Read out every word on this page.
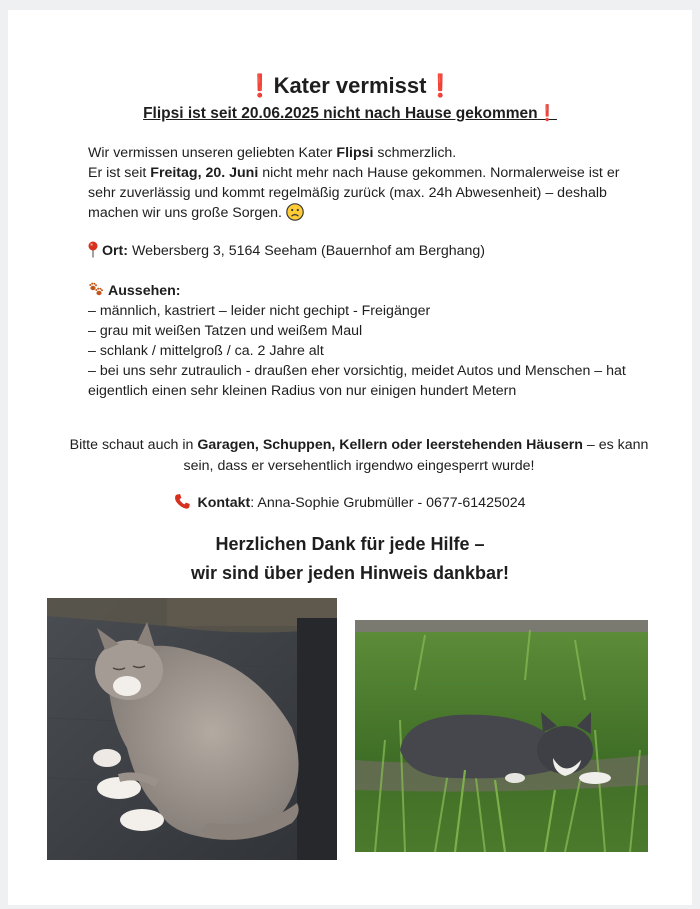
❗Kater vermisst❗
Flipsi ist seit 20.06.2025 nicht nach Hause gekommen❗
Wir vermissen unseren geliebten Kater Flipsi schmerzlich.
Er ist seit Freitag, 20. Juni nicht mehr nach Hause gekommen. Normalerweise ist er sehr zuverlässig und kommt regelmäßig zurück (max. 24h Abwesenheit) – deshalb machen wir uns große Sorgen.
Ort: Webersberg 3, 5164 Seeham (Bauernhof am Berghang)
Aussehen:
– männlich, kastriert – leider nicht gechipt - Freigänger
– grau mit weißen Tatzen und weißem Maul
– schlank / mittelgroß / ca. 2 Jahre alt
– bei uns sehr zutraulich - draußen eher vorsichtig, meidet Autos und Menschen – hat eigentlich einen sehr kleinen Radius von nur einigen hundert Metern
Bitte schaut auch in Garagen, Schuppen, Kellern oder leerstehenden Häusern – es kann sein, dass er versehentlich irgendwo eingesperrt wurde!
Kontakt: Anna-Sophie Grubmüller - 0677-61425024
Herzlichen Dank für jede Hilfe –
wir sind über jeden Hinweis dankbar!
